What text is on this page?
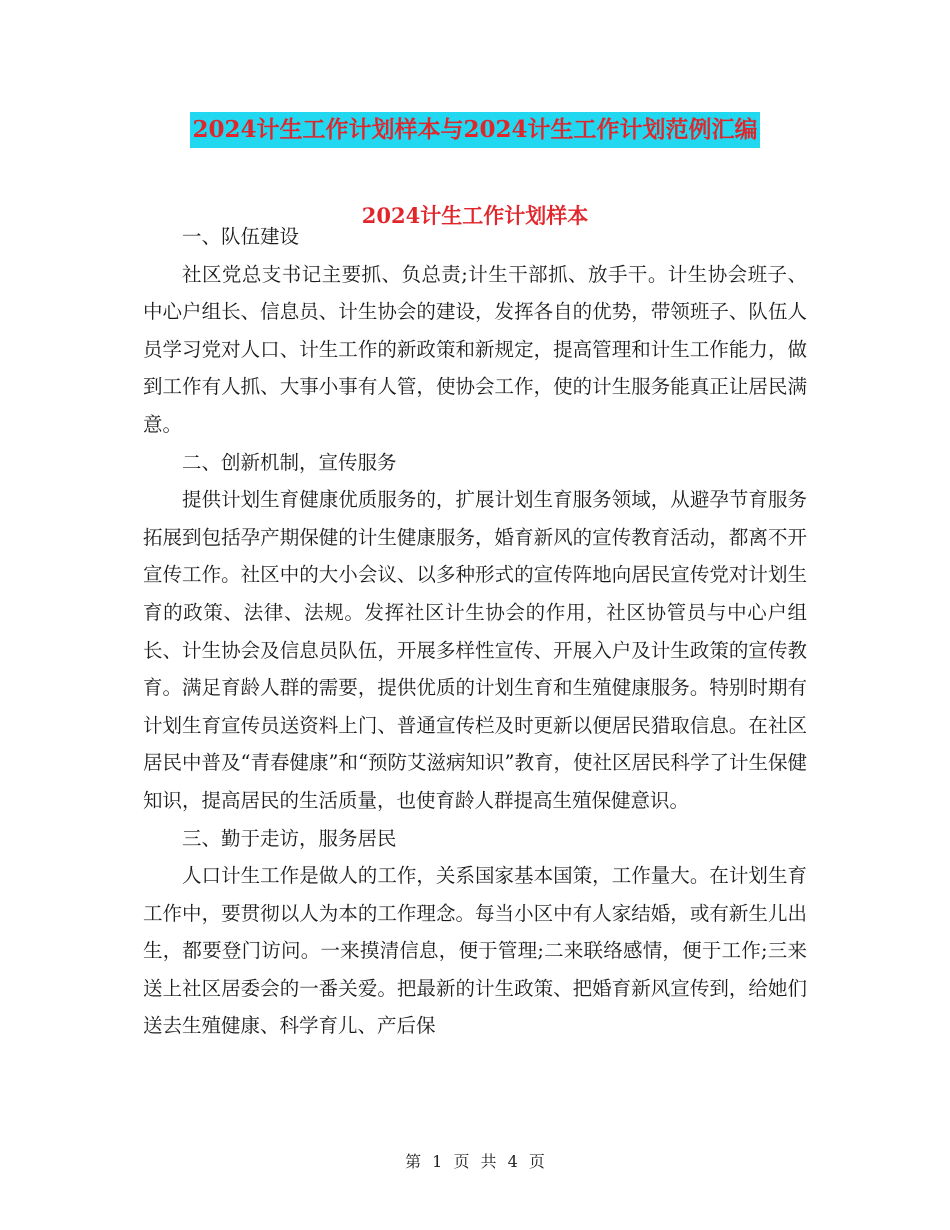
2024计生工作计划样本与2024计生工作计划范例汇编
2024计生工作计划样本

一、队伍建设

社区党总支书记主要抓、负总责;计生干部抓、放手干。计生协会班子、中心户组长、信息员、计生协会的建设，发挥各自的优势，带领班子、队伍人员学习党对人口、计生工作的新政策和新规定，提高管理和计生工作能力，做到工作有人抓、大事小事有人管，使协会工作，使的计生服务能真正让居民满意。

二、创新机制，宣传服务

提供计划生育健康优质服务的，扩展计划生育服务领域，从避孕节育服务拓展到包括孕产期保健的计生健康服务，婚育新风的宣传教育活动，都离不开宣传工作。社区中的大小会议、以多种形式的宣传阵地向居民宣传党对计划生育的政策、法律、法规。发挥社区计生协会的作用，社区协管员与中心户组长、计生协会及信息员队伍，开展多样性宣传、开展入户及计生政策的宣传教育。满足育龄人群的需要，提供优质的计划生育和生殖健康服务。特别时期有计划生育宣传员送资料上门、普通宣传栏及时更新以便居民猎取信息。在社区居民中普及“青春健康”和“预防艾滋病知识”教育，使社区居民科学了计生保健知识，提高居民的生活质量，也使育龄人群提高生殖保健意识。

三、勤于走访，服务居民

人口计生工作是做人的工作，关系国家基本国策，工作量大。在计划生育工作中，要贯彻以人为本的工作理念。每当小区中有人家结婚，或有新生儿出生，都要登门访问。一来摸清信息，便于管理;二来联络感情，便于工作;三来送上社区居委会的一番关爱。把最新的计生政策、把婚育新风宣传到，给她们送去生殖健康、科学育儿、产后保

第 1 页 共 4 页
